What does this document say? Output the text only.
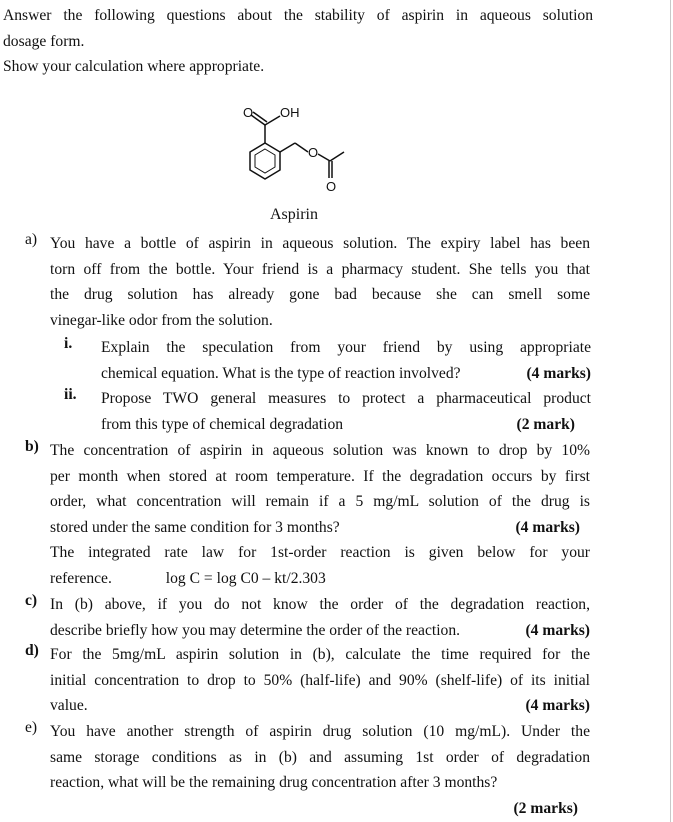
Answer the following questions about the stability of aspirin in aqueous solution

dosage form.

Show your calculation where appropriate.

O OH
O
O
Aspirin
a) You have a bottle of aspirin in aqueous solution. The expiry label has been
torn off from the bottle. Your friend is a pharmacy student. She tells you that
the drug solution has already gone bad because she can smell some
vinegar-like odor from the solution.
i. Explain the speculation from your friend by using appropriate
chemical equation. What is the type of reaction involved?	(4 marks)
ii. Propose TWO general measures to protect a pharmaceutical product
from this type of chemical degradation	(2 mark)
b) The concentration of aspirin in aqueous solution was known to drop by 10%
per month when stored at room temperature. If the degradation occurs by first
order, what concentration will remain if a 5 mg/mL solution of the drug is
stored under the same condition for 3 months?	(4 marks)
The integrated rate law for 1st-order reaction is given below for your
reference.	log C = log C0 – kt/2.303
c) In (b) above, if you do not know the order of the degradation reaction,
describe briefly how you may determine the order of the reaction.	(4 marks)
d) For the 5mg/mL aspirin solution in (b), calculate the time required for the
initial concentration to drop to 50% (half-life) and 90% (shelf-life) of its initial
value.	(4 marks)
e) You have another strength of aspirin drug solution (10 mg/mL). Under the
same storage conditions as in (b) and assuming 1st order of degradation
reaction, what will be the remaining drug concentration after 3 months?
(2 marks)
